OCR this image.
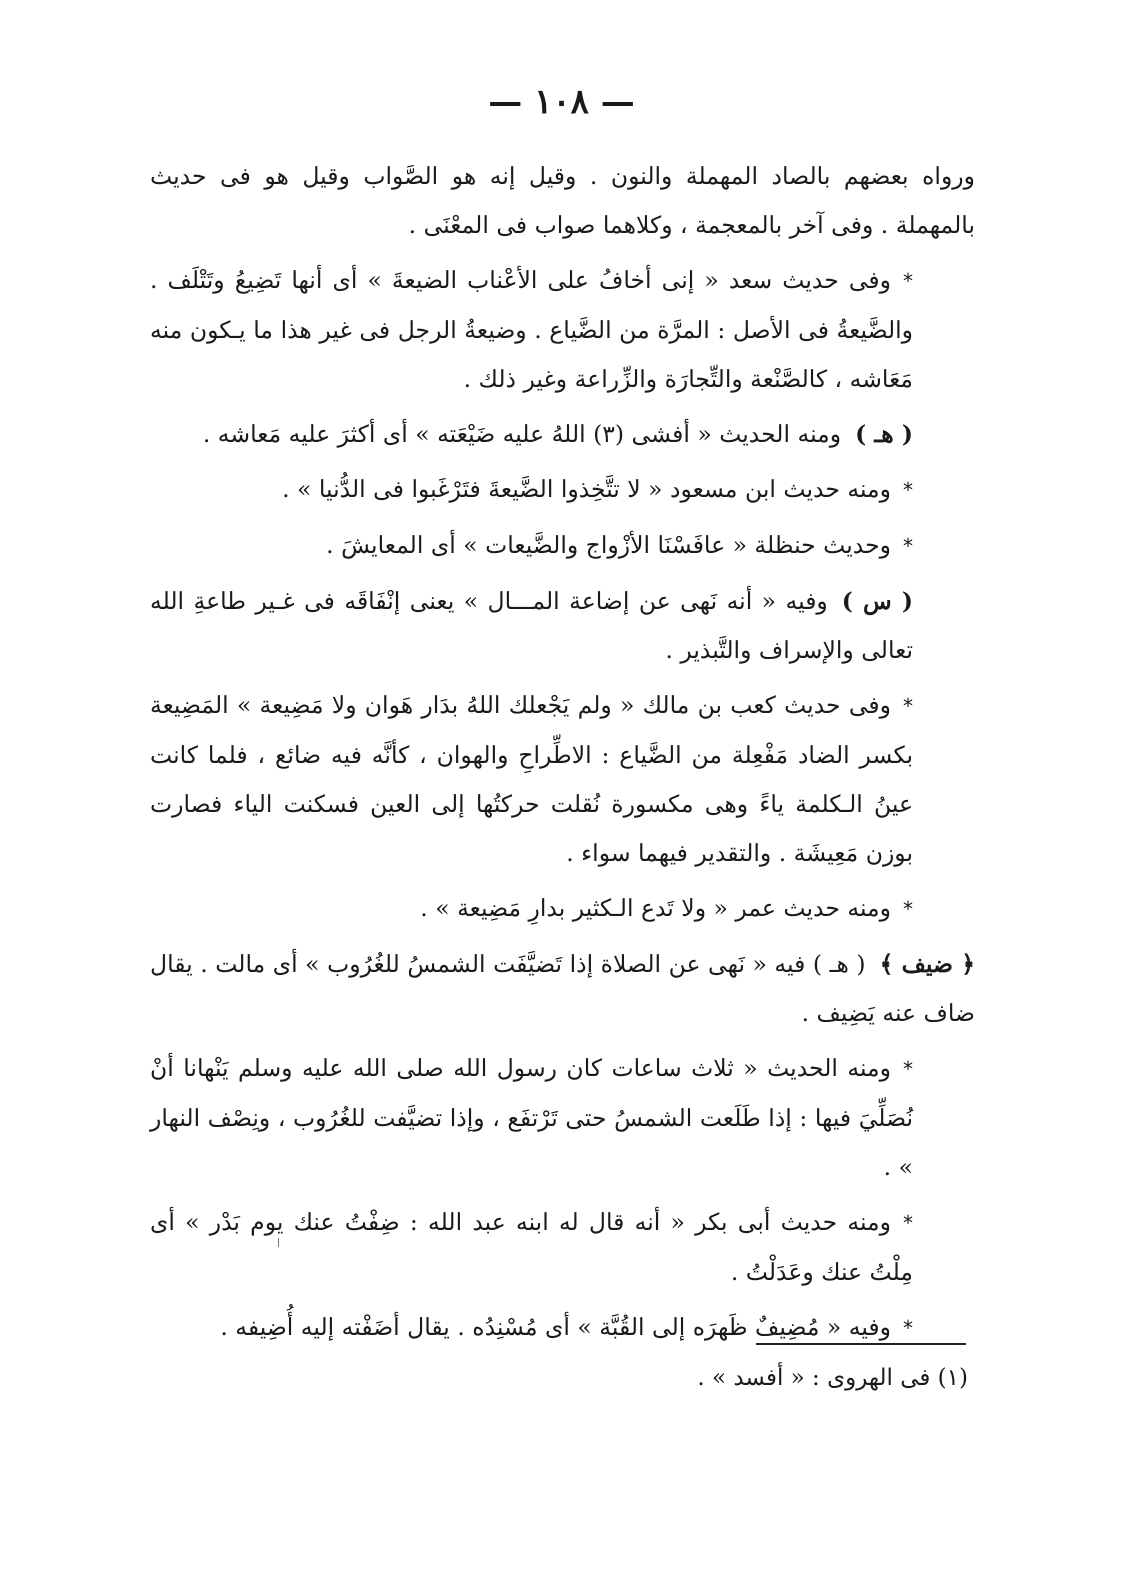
— ١٠٨ —

ورواه بعضهم بالصاد المهملة والنون . وقيل إنه هو الصَّواب وقيل هو فى حديث بالمهملة . وفى آخر بالمعجمة ، وكلاهما صواب فى المعْنَى .

*وفى حديث سعد « إنى أخافُ على الأعْناب الضيعةَ » أى أنها تَضِيعُ وتَتْلَف . والضَّيعةُ فى الأصل : المرَّة من الضَّياع . وضيعةُ الرجل فى غير هذا ما يـكون منه مَعَاشه ، كالصَّنْعة والتِّجارَة والزِّراعة وغير ذلك .

( هـ )ومنه الحديث « أفشى (٣) اللهُ عليه ضَيْعَته » أى أكثرَ عليه مَعاشه .

*ومنه حديث ابن مسعود « لا تتَّخِذوا الضَّيعةَ فتَرْغَبوا فى الدُّنيا » .

*وحديث حنظلة « عافَسْنَا الأزْواج والضَّيعات » أى المعايشَ .

( س )وفيه « أنه نَهى عن إضاعة المـــال » يعنى إنْفَاقَه فى غـير طاعةِ الله تعالى والإسراف والتَّبذير .

*وفى حديث كعب بن مالك « ولم يَجْعلك اللهُ بدَار هَوان ولا مَضِيعة » المَضِيعة بكسر الضاد مَفْعِلة من الضَّياع : الاطِّراحِ والهوان ، كأنَّه فيه ضائع ، فلما كانت عينُ الـكلمة ياءً وهى مكسورة نُقلت حركتُها إلى العين فسكنت الياء فصارت بوزن مَعِيشَة . والتقدير فيهما سواء .

*ومنه حديث عمر « ولا تَدع الـكثير بدارِ مَضِيعة » .

﴿ ضيف ﴾( هـ ) فيه « نَهى عن الصلاة إذا تَضيَّفَت الشمسُ للغُرُوب » أى مالت . يقال ضاف عنه يَضِيف .

*ومنه الحديث « ثلاث ساعات كان رسول الله صلى الله عليه وسلم يَنْهانا أنْ نُصَلِّيَ فيها : إذا طَلَعت الشمسُ حتى تَرْتفَع ، وإذا تضيَّفت للغُرُوب ، ونِصْف النهار » .

*ومنه حديث أبى بكر « أنه قال له ابنه عبد الله : ضِفْتُ عنك يوم بَدْر » أى مِلْتُ عنك وعَدَلْتُ .

*وفيه « مُضِيفٌ ظَهرَه إلى القُبَّة » أى مُسْنِدُه . يقال أضَفْته إليه أُضِيفه .

(١) فى الهروى : « أفسد » .
